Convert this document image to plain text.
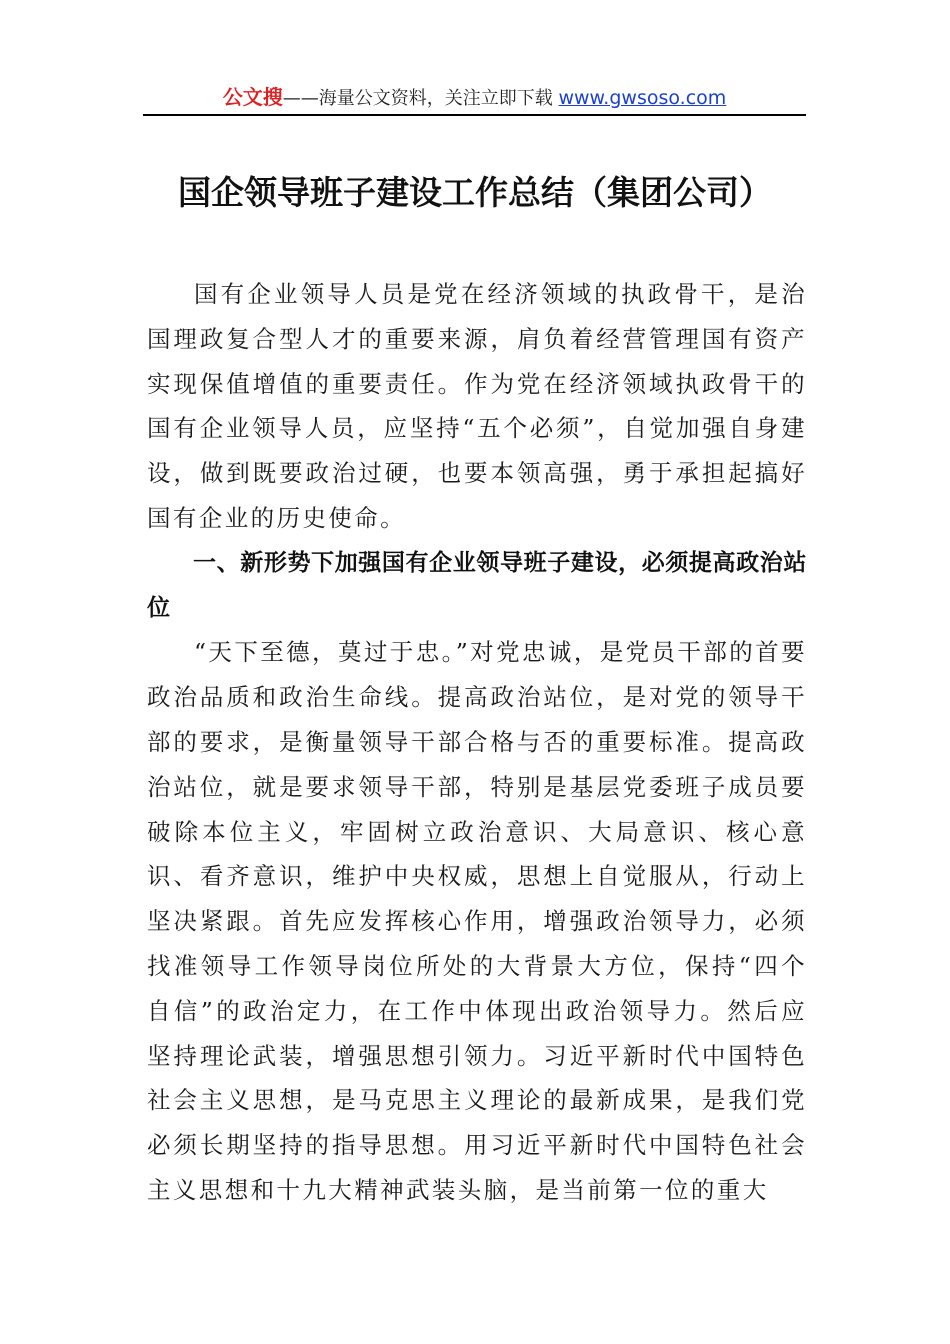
公文搜——海量公文资料，关注立即下载 www.gwsoso.com
国企领导班子建设工作总结（集团公司）

国有企业领导人员是党在经济领域的执政骨干，是治国理政复合型人才的重要来源，肩负着经营管理国有资产实现保值增值的重要责任。作为党在经济领域执政骨干的国有企业领导人员，应坚持“五个必须”，自觉加强自身建设，做到既要政治过硬，也要本领高强，勇于承担起搞好国有企业的历史使命。

一、新形势下加强国有企业领导班子建设，必须提高政治站位

“天下至德，莫过于忠。”对党忠诚，是党员干部的首要政治品质和政治生命线。提高政治站位，是对党的领导干部的要求，是衡量领导干部合格与否的重要标准。提高政治站位，就是要求领导干部，特别是基层党委班子成员要破除本位主义，牢固树立政治意识、大局意识、核心意识、看齐意识，维护中央权威，思想上自觉服从，行动上坚决紧跟。首先应发挥核心作用，增强政治领导力，必须找准领导工作领导岗位所处的大背景大方位，保持“四个自信”的政治定力，在工作中体现出政治领导力。然后应坚持理论武装，增强思想引领力。习近平新时代中国特色社会主义思想，是马克思主义理论的最新成果，是我们党必须长期坚持的指导思想。用习近平新时代中国特色社会主义思想和十九大精神武装头脑，是当前第一位的重大
